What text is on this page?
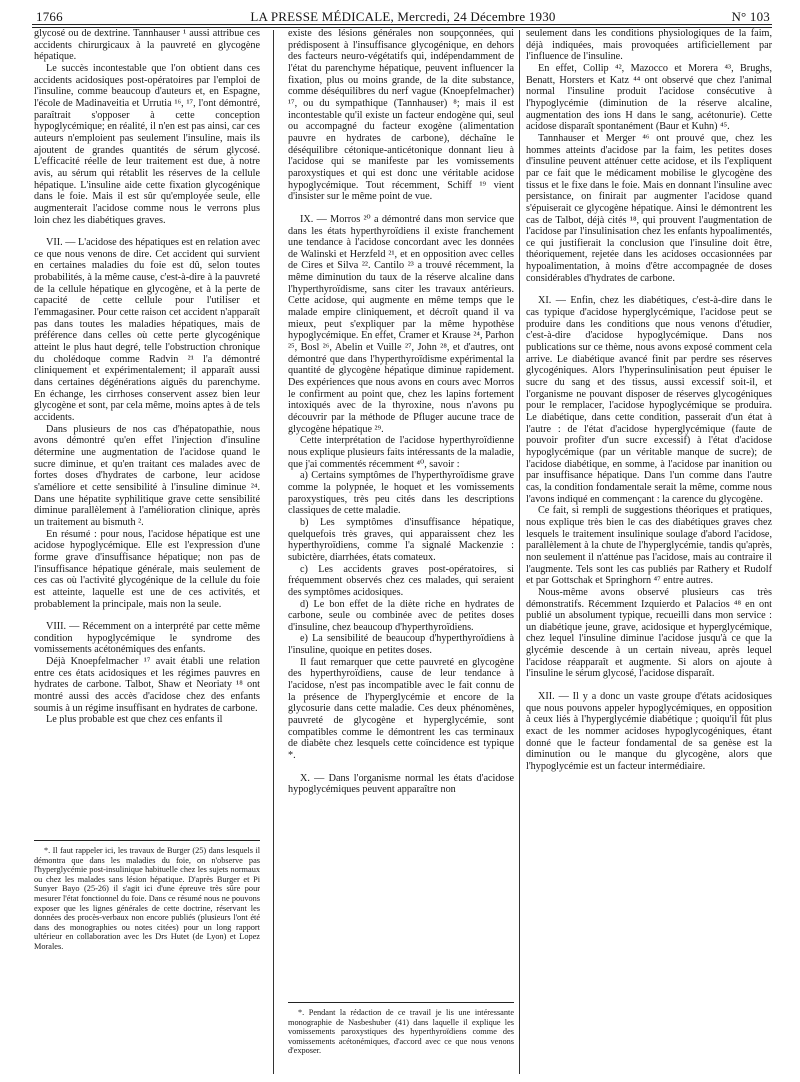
1766	LA PRESSE MÉDICALE, Mercredi, 24 Décembre 1930	N° 103

glycosé ou de dextrine. Tannhauser ¹ aussi attribue ces accidents chirurgicaux à la pauvreté en glycogène hépatique.

Le succès incontestable que l'on obtient dans ces accidents acidosiques post-opératoires par l'emploi de l'insuline, comme beaucoup d'auteurs et, en Espagne, l'école de Madinaveitia et Urrutia ¹⁶, ¹⁷, l'ont démontré, paraîtrait s'opposer à cette conception hypoglycémique; en réalité, il n'en est pas ainsi, car ces auteurs n'emploient pas seulement l'insuline, mais ils ajoutent de grandes quantités de sérum glycosé. L'efficacité réelle de leur traitement est due, à notre avis, au sérum qui rétablit les réserves de la cellule hépatique. L'insuline aide cette fixation glycogénique dans le foie. Mais il est sûr qu'employée seule, elle augmenterait l'acidose comme nous le verrons plus loin chez les diabétiques graves.

VII. — L'acidose des hépatiques est en relation avec ce que nous venons de dire. Cet accident qui survient en certaines maladies du foie est dû, selon toutes probabilités, à la même cause, c'est-à-dire à la pauvreté de la cellule hépatique en glycogène, et à la perte de capacité de cette cellule pour l'utiliser et l'emmagasiner. Pour cette raison cet accident n'apparaît pas dans toutes les maladies hépatiques, mais de préférence dans celles où cette perte glycogénique atteint le plus haut degré, telle l'obstruction chronique du cholédoque comme Radvin ²¹ l'a démontré cliniquement et expérimentalement; il apparaît aussi dans certaines dégénérations aiguës du parenchyme. En échange, les cirrhoses conservent assez bien leur glycogène et sont, par cela même, moins aptes à de tels accidents.

Dans plusieurs de nos cas d'hépatopathie, nous avons démontré qu'en effet l'injection d'insuline détermine une augmentation de l'acidose quand le sucre diminue, et qu'en traitant ces malades avec de fortes doses d'hydrates de carbone, leur acidose s'améliore et cette sensibilité à l'insuline diminue ²⁴. Dans une hépatite syphilitique grave cette sensibilité diminue parallèlement à l'amélioration clinique, après un traitement au bismuth ².

En résumé : pour nous, l'acidose hépatique est une acidose hypoglycémique. Elle est l'expression d'une forme grave d'insuffisance hépatique; non pas de l'insuffisance hépatique générale, mais seulement de ces cas où l'activité glycogénique de la cellule du foie est atteinte, laquelle est une de ces activités, et probablement la principale, mais non la seule.

VIII. — Récemment on a interprété par cette même condition hypoglycémique le syndrome des vomissements acétonémiques des enfants.

Déjà Knoepfelmacher ¹⁷ avait établi une relation entre ces états acidosiques et les régimes pauvres en hydrates de carbone. Talbot, Shaw et Neoriaty ¹⁸ ont montré aussi des accès d'acidose chez des enfants soumis à un régime insuffisant en hydrates de carbone.

Le plus probable est que chez ces enfants il

*. Il faut rappeler ici, les travaux de Burger (25) dans lesquels il démontra que dans les maladies du foie, on n'observe pas l'hyperglycémie post-insulinique habituelle chez les sujets normaux ou chez les malades sans lésion hépatique. D'après Burger et Pi Sunyer Bayo (25-26) il s'agit ici d'une épreuve très sûre pour mesurer l'état fonctionnel du foie. Dans ce résumé nous ne pouvons exposer que les lignes générales de cette doctrine, réservant les données des procès-verbaux non encore publiés (plusieurs l'ont été dans des monographies ou notes citées) pour un long rapport ultérieur en collaboration avec les Drs Hutet (de Lyon) et Lopez Morales.

existe des lésions générales non soupçonnées, qui prédisposent à l'insuffisance glycogénique, en dehors des facteurs neuro-végétatifs qui, indépendamment de l'état du parenchyme hépatique, peuvent influencer la fixation, plus ou moins grande, de la dite substance, comme déséquilibres du nerf vague (Knoepfelmacher) ¹⁷, ou du sympathique (Tannhauser) ⁸; mais il est incontestable qu'il existe un facteur endogène qui, seul ou accompagné du facteur exogène (alimentation pauvre en hydrates de carbone), déchaîne le déséquilibre cétonique-anticétonique donnant lieu à l'acidose qui se manifeste par les vomissements paroxystiques et qui est donc une véritable acidose hypoglycémique. Tout récemment, Schiff ¹⁹ vient d'insister sur le même point de vue.

IX. — Morros ²⁰ a démontré dans mon service que dans les états hyperthyroïdiens il existe franchement une tendance à l'acidose concordant avec les données de Walinski et Herzfeld ²¹, et en opposition avec celles de Cires et Silva ²². Cantilo ²³ a trouvé récemment, la même diminution du taux de la réserve alcaline dans l'hyperthyroïdisme, sans citer les travaux antérieurs. Cette acidose, qui augmente en même temps que le malade empire cliniquement, et décroît quand il va mieux, peut s'expliquer par la même hypothèse hypoglycémique. En effet, Cramer et Krause ²⁴, Parhon ²⁵, Bosl ²⁶, Abelin et Vuille ²⁷, John ²⁸, et d'autres, ont démontré que dans l'hyperthyroïdisme expérimental la quantité de glycogène hépatique diminue rapidement. Des expériences que nous avons en cours avec Morros le confirment au point que, chez les lapins fortement intoxiqués avec de la thyroxine, nous n'avons pu découvrir par la méthode de Pfluger aucune trace de glycogène hépatique ²⁹.

Cette interprétation de l'acidose hyperthyroïdienne nous explique plusieurs faits intéressants de la maladie, que j'ai commentés récemment ⁴⁰, savoir :

a) Certains symptômes de l'hyperthyroïdisme grave comme la polypnée, le hoquet et les vomissements paroxystiques, très peu cités dans les descriptions classiques de cette maladie.

b) Les symptômes d'insuffisance hépatique, quelquefois très graves, qui apparaissent chez les hyperthyroïdiens, comme l'a signalé Mackenzie : subictère, diarrhées, états comateux.

c) Les accidents graves post-opératoires, si fréquemment observés chez ces malades, qui seraient des symptômes acidosiques.

d) Le bon effet de la diète riche en hydrates de carbone, seule ou combinée avec de petites doses d'insuline, chez beaucoup d'hyperthyroïdiens.

e) La sensibilité de beaucoup d'hyperthyroïdiens à l'insuline, quoique en petites doses.

Il faut remarquer que cette pauvreté en glycogène des hyperthyroïdiens, cause de leur tendance à l'acidose, n'est pas incompatible avec le fait connu de la présence de l'hyperglycémie et encore de la glycosurie dans cette maladie. Ces deux phénomènes, pauvreté de glycogène et hyperglycémie, sont compatibles comme le démontrent les cas terminaux de diabète chez lesquels cette coïncidence est typique *.

X. — Dans l'organisme normal les états d'acidose hypoglycémiques peuvent apparaître non

*. Pendant la rédaction de ce travail je lis une intéressante monographie de Nasbeshuber (41) dans laquelle il explique les vomissements paroxystiques des hyperthyroïdiens comme des vomissements acétonémiques, d'accord avec ce que nous venons d'exposer.

seulement dans les conditions physiologiques de la faim, déjà indiquées, mais provoquées artificiellement par l'influence de l'insuline.

En effet, Collip ⁴², Mazocco et Morera ⁴³, Brughs, Benatt, Horsters et Katz ⁴⁴ ont observé que chez l'animal normal l'insuline produit l'acidose consécutive à l'hypoglycémie (diminution de la réserve alcaline, augmentation des ions H dans le sang, acétonurie). Cette acidose disparaît spontanément (Baur et Kuhn) ⁴⁵.

Tannhauser et Merger ⁴⁶ ont prouvé que, chez les hommes atteints d'acidose par la faim, les petites doses d'insuline peuvent atténuer cette acidose, et ils l'expliquent par ce fait que le médicament mobilise le glycogène des tissus et le fixe dans le foie. Mais en donnant l'insuline avec persistance, on finirait par augmenter l'acidose quand s'épuiserait ce glycogène hépatique. Ainsi le démontrent les cas de Talbot, déjà cités ¹⁸, qui prouvent l'augmentation de l'acidose par l'insulinisation chez les enfants hypoalimentés, ce qui justifierait la conclusion que l'insuline doit être, théoriquement, rejetée dans les acidoses occasionnées par hypoalimentation, à moins d'être accompagnée de doses considérables d'hydrates de carbone.

XI. — Enfin, chez les diabétiques, c'est-à-dire dans le cas typique d'acidose hyperglycémique, l'acidose peut se produire dans les conditions que nous venons d'étudier, c'est-à-dire d'acidose hypoglycémique. Dans nos publications sur ce thème, nous avons exposé comment cela arrive. Le diabétique avancé finit par perdre ses réserves glycogéniques. Alors l'hyperinsulinisation peut épuiser le sucre du sang et des tissus, aussi excessif soit-il, et l'organisme ne pouvant disposer de réserves glycogéniques pour le remplacer, l'acidose hypoglycémique se produira. Le diabétique, dans cette condition, passerait d'un état à l'autre : de l'état d'acidose hyperglycémique (faute de pouvoir profiter d'un sucre excessif) à l'état d'acidose hypoglycémique (par un véritable manque de sucre); de l'acidose diabétique, en somme, à l'acidose par inanition ou par insuffisance hépatique. Dans l'un comme dans l'autre cas, la condition fondamentale serait la même, comme nous l'avons indiqué en commençant : la carence du glycogène.

Ce fait, si rempli de suggestions théoriques et pratiques, nous explique très bien le cas des diabétiques graves chez lesquels le traitement insulinique soulage d'abord l'acidose, parallèlement à la chute de l'hyperglycémie, tandis qu'après, non seulement il n'atténue pas l'acidose, mais au contraire il l'augmente. Tels sont les cas publiés par Rathery et Rudolf et par Gottschak et Springhorn ⁴⁷ entre autres.

Nous-même avons observé plusieurs cas très démonstratifs. Récemment Izquierdo et Palacios ⁴⁸ en ont publié un absolument typique, recueilli dans mon service : un diabétique jeune, grave, acidosique et hyperglycémique, chez lequel l'insuline diminue l'acidose jusqu'à ce que la glycémie descende à un certain niveau, après lequel l'acidose réapparaît et augmente. Si alors on ajoute à l'insuline le sérum glycosé, l'acidose disparaît.

XII. — Il y a donc un vaste groupe d'états acidosiques que nous pouvons appeler hypoglycémiques, en opposition à ceux liés à l'hyperglycémie diabétique ; quoiqu'il fût plus exact de les nommer acidoses hypoglycogéniques, étant donné que le facteur fondamental de sa genèse est la diminution ou le manque du glycogène, alors que l'hypoglycémie est un facteur intermédiaire.
